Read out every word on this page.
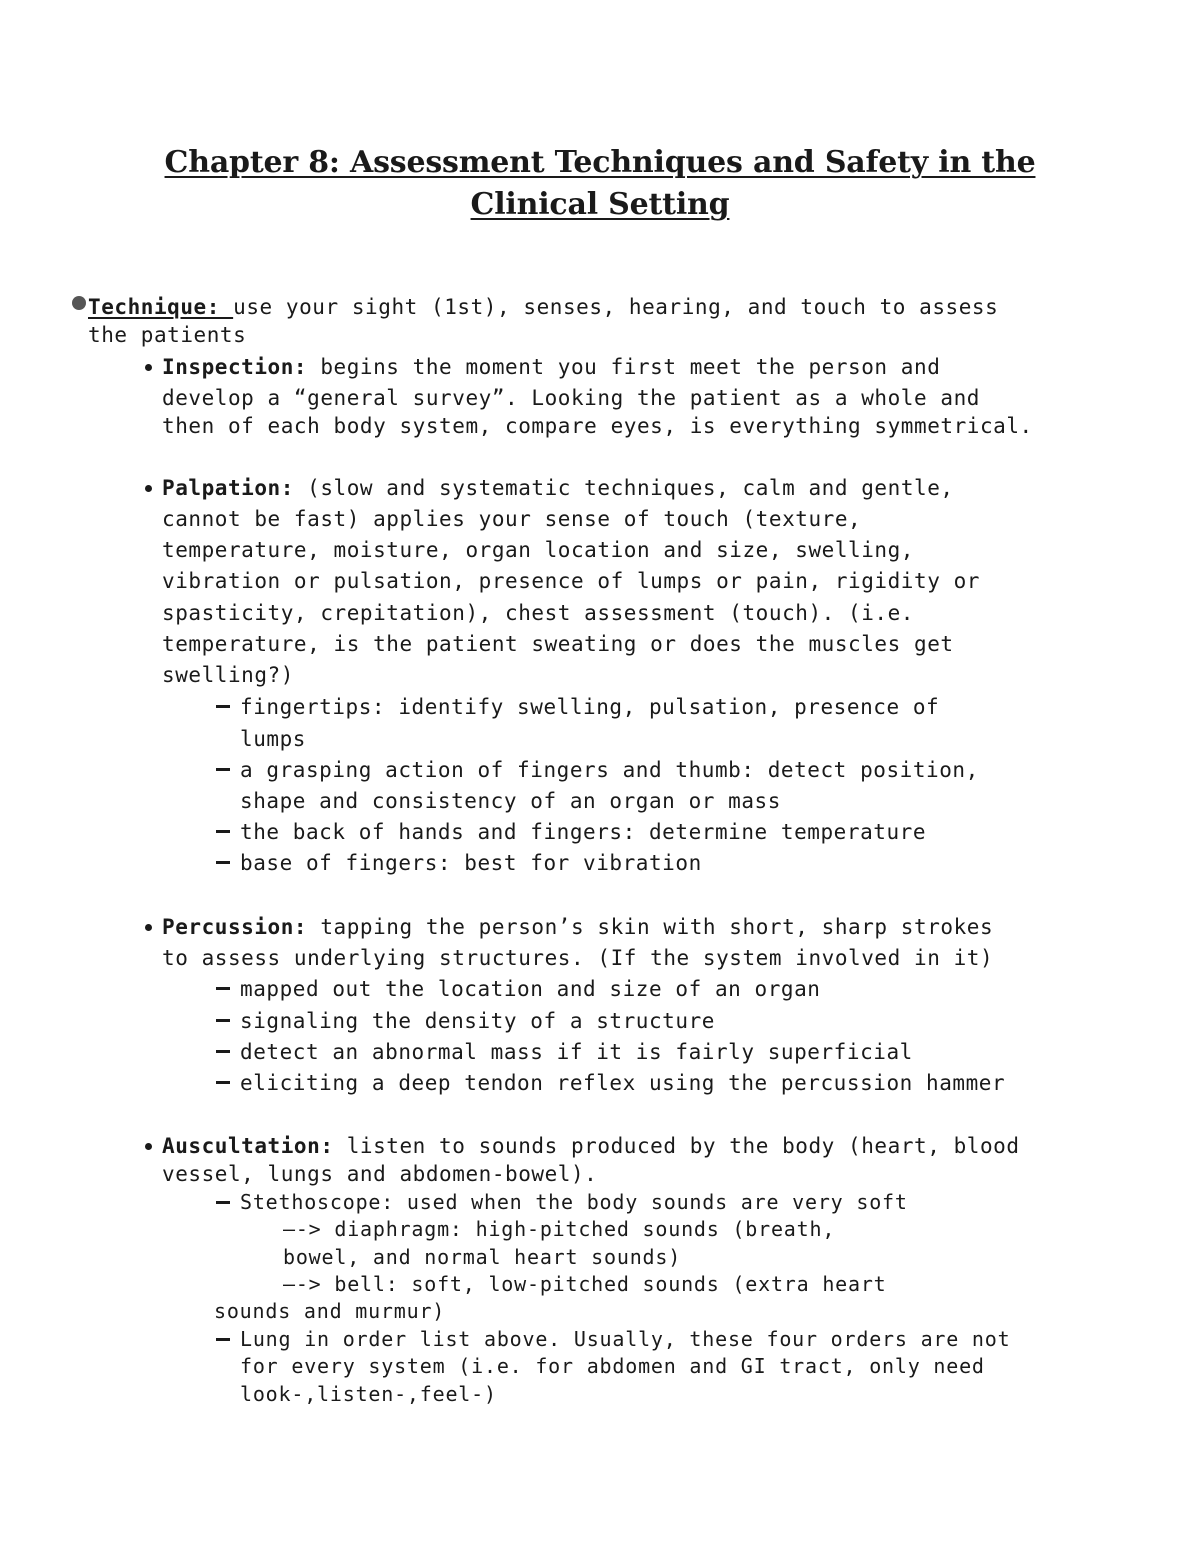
Chapter 8: Assessment Techniques and Safety in the
Clinical Setting
Technique: use your sight (1st), senses, hearing, and touch to assess
the patients
Inspection: begins the moment you first meet the person and
develop a “general survey”. Looking the patient as a whole and
then of each body system, compare eyes, is everything symmetrical.
Palpation: (slow and systematic techniques, calm and gentle,
cannot be fast) applies your sense of touch (texture,
temperature, moisture, organ location and size, swelling,
vibration or pulsation, presence of lumps or pain, rigidity or
spasticity, crepitation), chest assessment (touch). (i.e.
temperature, is the patient sweating or does the muscles get
swelling?)
fingertips: identify swelling, pulsation, presence of
lumps
a grasping action of fingers and thumb: detect position,
shape and consistency of an organ or mass
the back of hands and fingers: determine temperature
base of fingers: best for vibration
Percussion: tapping the person’s skin with short, sharp strokes
to assess underlying structures. (If the system involved in it)
mapped out the location and size of an organ
signaling the density of a structure
detect an abnormal mass if it is fairly superficial
eliciting a deep tendon reflex using the percussion hammer
Auscultation: listen to sounds produced by the body (heart, blood
vessel, lungs and abdomen-bowel).
Stethoscope: used when the body sounds are very soft
—-> diaphragm: high-pitched sounds (breath,
bowel, and normal heart sounds)
—-> bell: soft, low-pitched sounds (extra heart
sounds and murmur)
Lung in order list above. Usually, these four orders are not
for every system (i.e. for abdomen and GI tract, only need
look-,listen-,feel-)
